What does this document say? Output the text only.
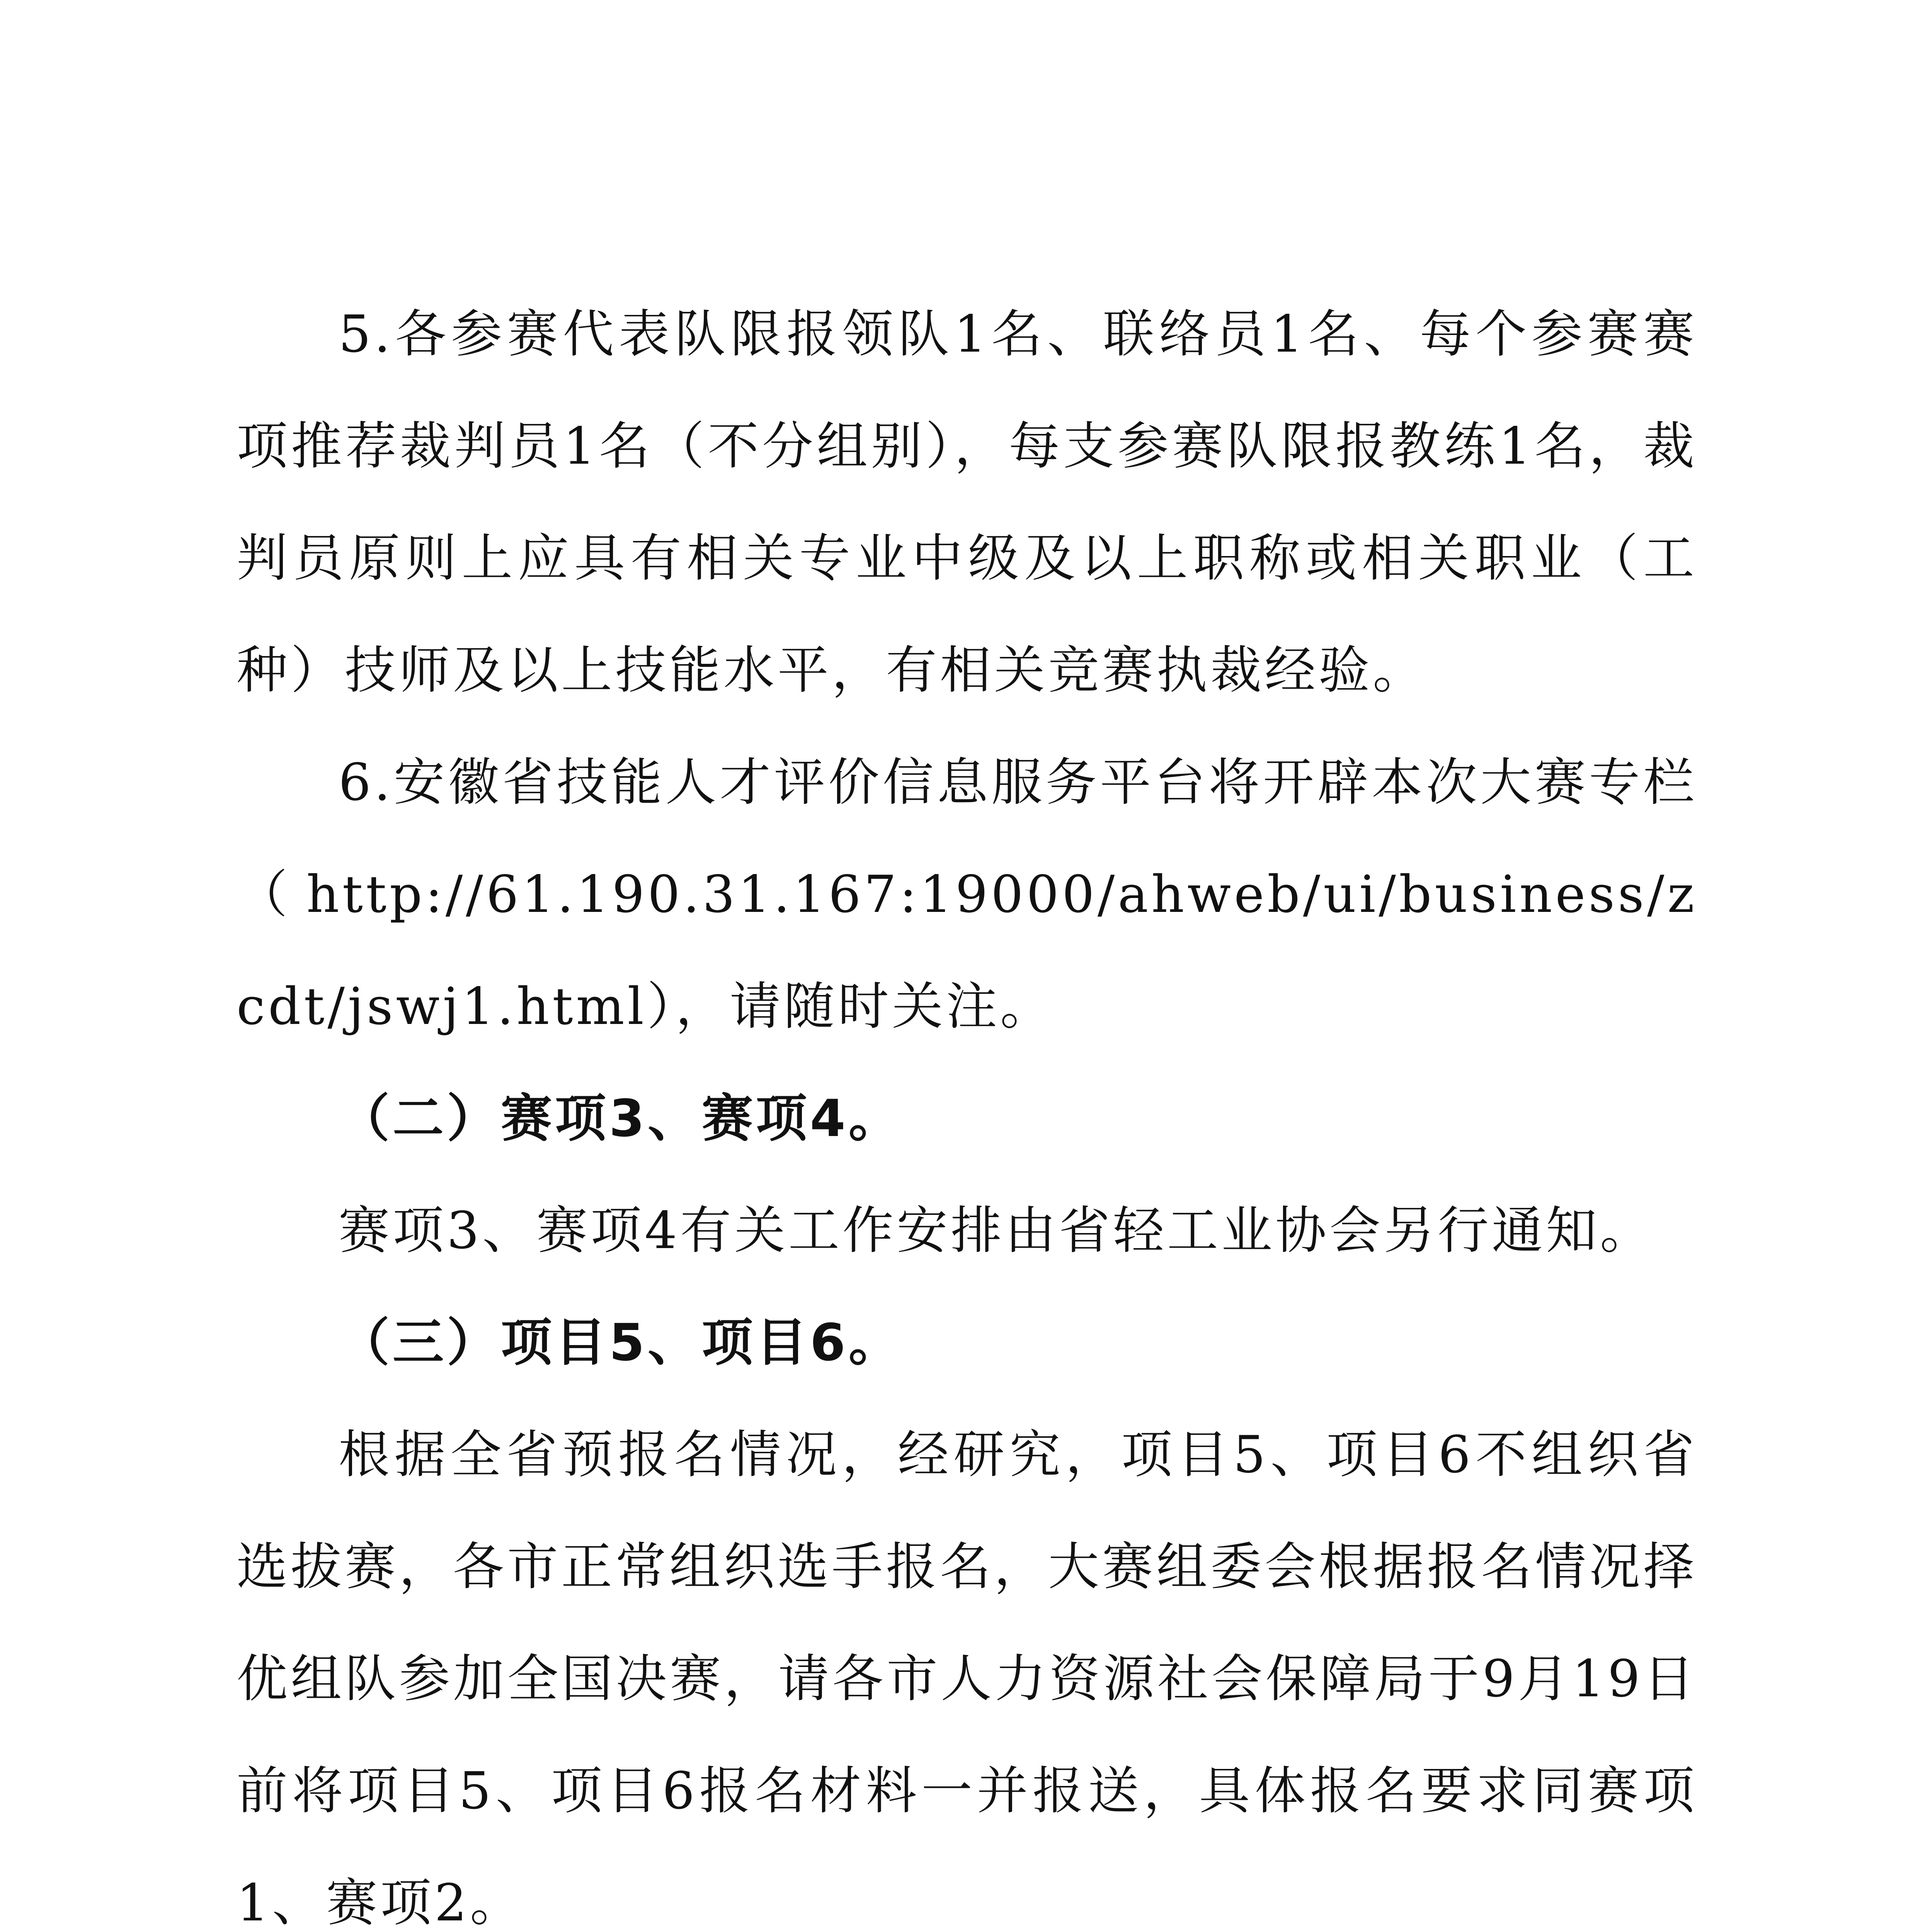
5.各参赛代表队限报领队1名、联络员1名、每个参赛赛项推荐裁判员1名（不分组别），每支参赛队限报教练1名，裁判员原则上应具有相关专业中级及以上职称或相关职业（工种）技师及以上技能水平，有相关竞赛执裁经验。

6.安徽省技能人才评价信息服务平台将开辟本次大赛专栏（http://61.190.31.167:19000/ahweb/ui/business/zcdt/jswj1.html），请随时关注。

（二）赛项3、赛项4。

赛项3、赛项4有关工作安排由省轻工业协会另行通知。

（三）项目5、项目6。

根据全省预报名情况，经研究，项目5、项目6不组织省选拔赛，各市正常组织选手报名，大赛组委会根据报名情况择优组队参加全国决赛，请各市人力资源社会保障局于9月19日前将项目5、项目6报名材料一并报送，具体报名要求同赛项1、赛项2。
